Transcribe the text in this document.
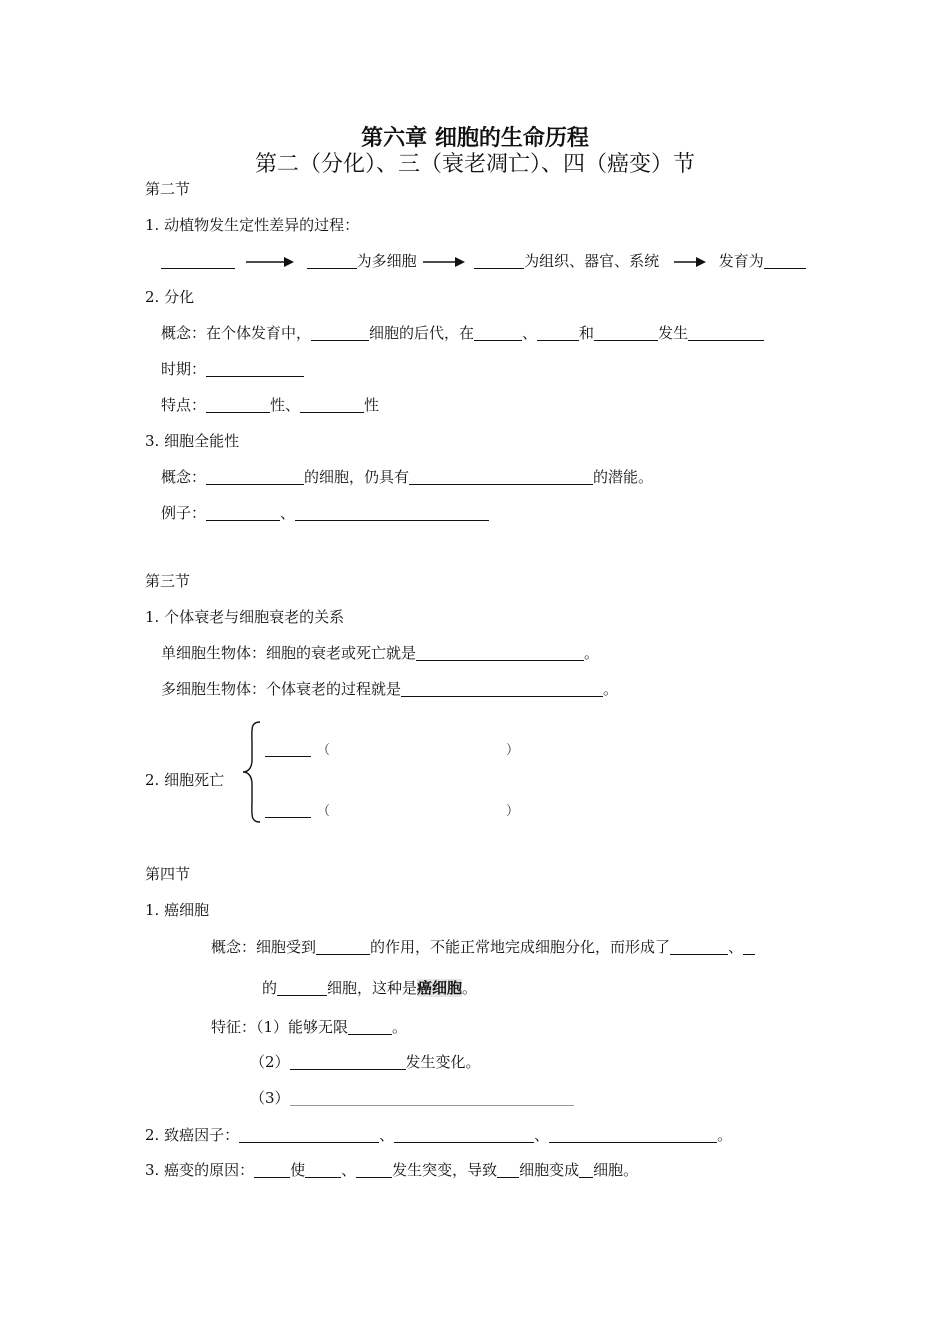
第六章 细胞的生命历程
第二（分化）、三（衰老凋亡）、四（癌变）节
第二节
1. 动植物发生定性差异的过程：
为多细胞	为组织、器官、系统	发育为
2. 分化
概念：在个体发育中，	细胞的后代，在	、	和	发生
时期：
特点：	性、	性
3. 细胞全能性
概念：	的细胞，仍具有	的潜能。
例子：	、
第三节
1. 个体衰老与细胞衰老的关系
单细胞生物体：细胞的衰老或死亡就是	。
多细胞生物体：个体衰老的过程就是	。
2. 细胞死亡
（	）
（	）
第四节
1. 癌细胞
概念：细胞受到	的作用，不能正常地完成细胞分化，而形成了	、
的	细胞，这种是癌细胞。
特征：（1）能够无限	。
（2）	发生变化。
（3）
2. 致癌因子：	、	、	。
3. 癌变的原因： 使 、 发生突变，导致 细胞变成 细胞。
